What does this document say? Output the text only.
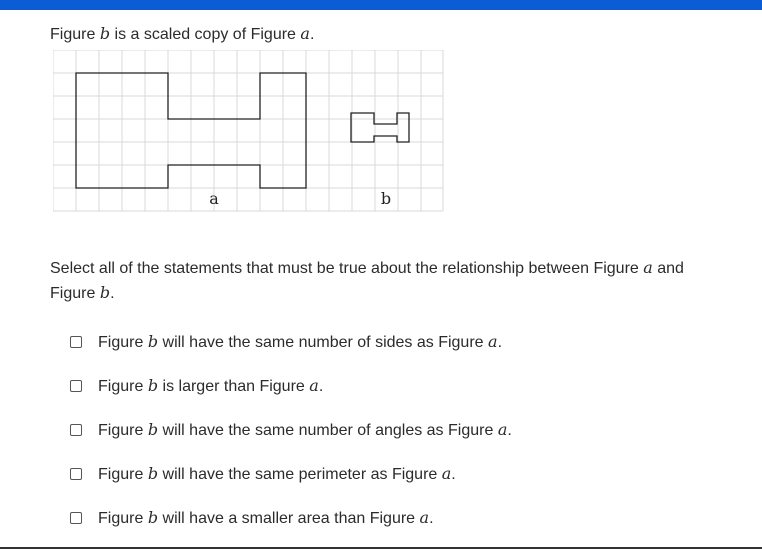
Figure b is a scaled copy of Figure a.
a	b
Select all of the statements that must be true about the relationship between Figure a and Figure b.
Figure b will have the same number of sides as Figure a.
Figure b is larger than Figure a.
Figure b will have the same number of angles as Figure a.
Figure b will have the same perimeter as Figure a.
Figure b will have a smaller area than Figure a.
